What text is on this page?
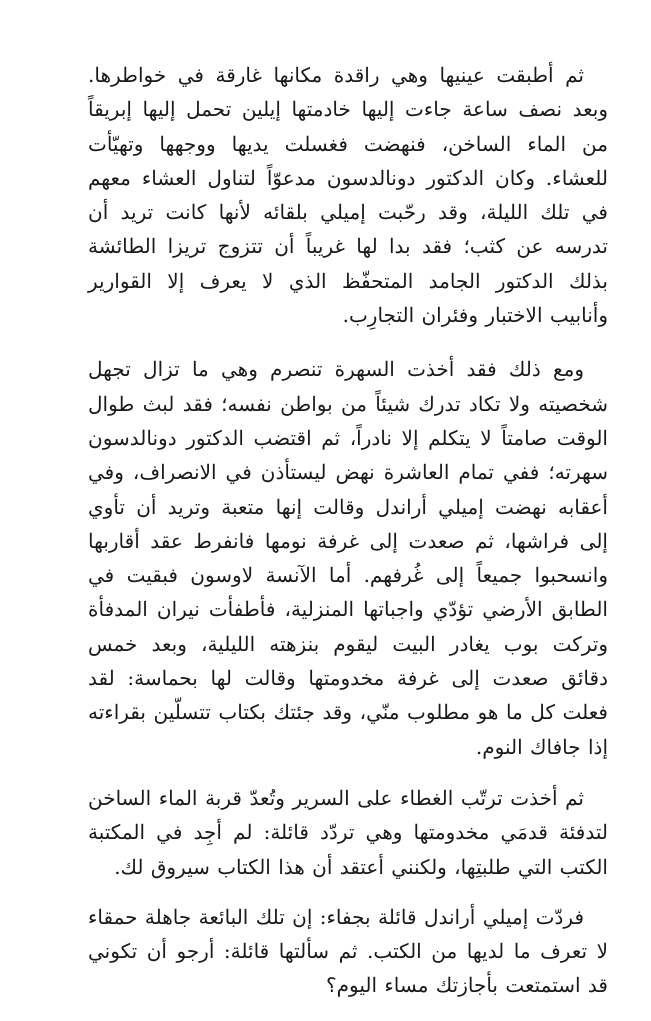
ثم أطبقت عينيها وهي راقدة مكانها غارقة في خواطرها. وبعد نصف ساعة جاءت إليها خادمتها إيلين تحمل إليها إبريقاً من الماء الساخن، فنهضت فغسلت يديها ووجهها وتهيّأت للعشاء. وكان الدكتور دونالدسون مدعوّاً لتناول العشاء معهم في تلك الليلة، وقد رحّبت إميلي بلقائه لأنها كانت تريد أن تدرسه عن كثب؛ فقد بدا لها غريباً أن تتزوج تريزا الطائشة بذلك الدكتور الجامد المتحفّظ الذي لا يعرف إلا القوارير وأنابيب الاختبار وفئران التجارِب.

ومع ذلك فقد أخذت السهرة تنصرم وهي ما تزال تجهل شخصيته ولا تكاد تدرك شيئاً من بواطن نفسه؛ فقد لبث طوال الوقت صامتاً لا يتكلم إلا نادراً، ثم اقتضب الدكتور دونالدسون سهرته؛ ففي تمام العاشرة نهض ليستأذن في الانصراف، وفي أعقابه نهضت إميلي أراندل وقالت إنها متعبة وتريد أن تأوي إلى فراشها، ثم صعدت إلى غرفة نومها فانفرط عقد أقاربها وانسحبوا جميعاً إلى غُرفهم. أما الآنسة لاوسون فبقيت في الطابق الأرضي تؤدّي واجباتها المنزلية، فأطفأت نيران المدفأة وتركت بوب يغادر البيت ليقوم بنزهته الليلية، وبعد خمس دقائق صعدت إلى غرفة مخدومتها وقالت لها بحماسة: لقد فعلت كل ما هو مطلوب منّي، وقد جئتك بكتاب تتسلّين بقراءته إذا جافاك النوم.

ثم أخذت ترتّب الغطاء على السرير وتُعدّ قربة الماء الساخن لتدفئة قدمَي مخدومتها وهي تردّد قائلة: لم أجِد في المكتبة الكتب التي طلبتِها، ولكنني أعتقد أن هذا الكتاب سيروق لك.

فردّت إميلي أراندل قائلة بجفاء: إن تلك البائعة جاهلة حمقاء لا تعرف ما لديها من الكتب. ثم سألتها قائلة: أرجو أن تكوني قد استمتعت بأجازتك مساء اليوم؟
